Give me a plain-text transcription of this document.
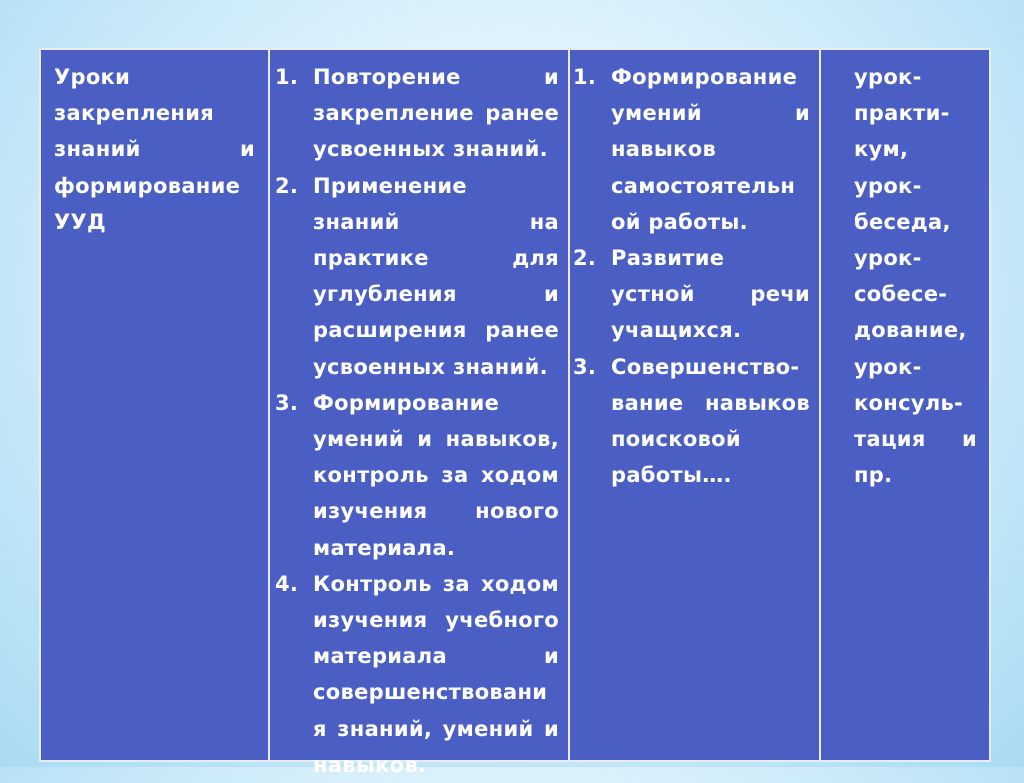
Уроки закрепления знаний и формирование УУД
1. Повторение и закрепление ранее усвоенных знаний.
2. Применение знаний на практике для углубления и расширения ранее усвоенных знаний.
3. Формирование умений и навыков, контроль за ходом изучения нового материала.
4. Контроль за ходом изучения учебного материала и совершенствовани я знаний, умений и навыков.
1. Формирование умений и навыков самостоятельн ой работы.
2. Развитие устной речи учащихся.
3. Совершенство-вание навыков поисковой работы….
урок-практи-кум, урок-беседа, урок-собесе-дование, урок-консуль-тация и пр.
